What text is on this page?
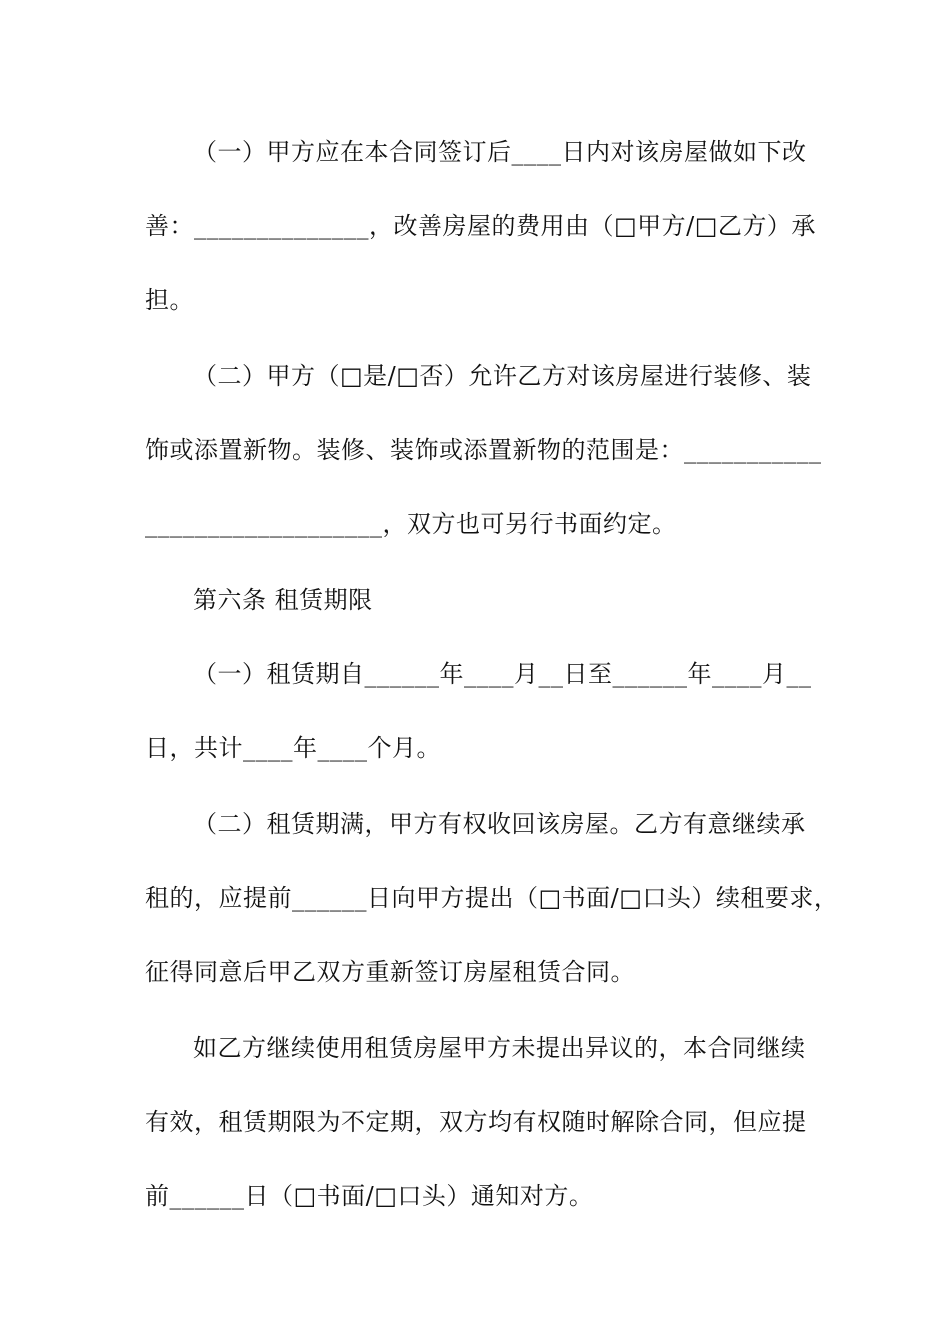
（一）甲方应在本合同签订后____日内对该房屋做如下改
善：______________，改善房屋的费用由（□甲方/□乙方）承
担。
（二）甲方（□是/□否）允许乙方对该房屋进行装修、装
饰或添置新物。装修、装饰或添置新物的范围是：___________
___________________，双方也可另行书面约定。
第六条 租赁期限
（一）租赁期自______年____月__日至______年____月__
日，共计____年____个月。
（二）租赁期满，甲方有权收回该房屋。乙方有意继续承
租的，应提前______日向甲方提出（□书面/□口头）续租要求，
征得同意后甲乙双方重新签订房屋租赁合同。
如乙方继续使用租赁房屋甲方未提出异议的，本合同继续
有效，租赁期限为不定期，双方均有权随时解除合同，但应提
前______日（□书面/□口头）通知对方。
